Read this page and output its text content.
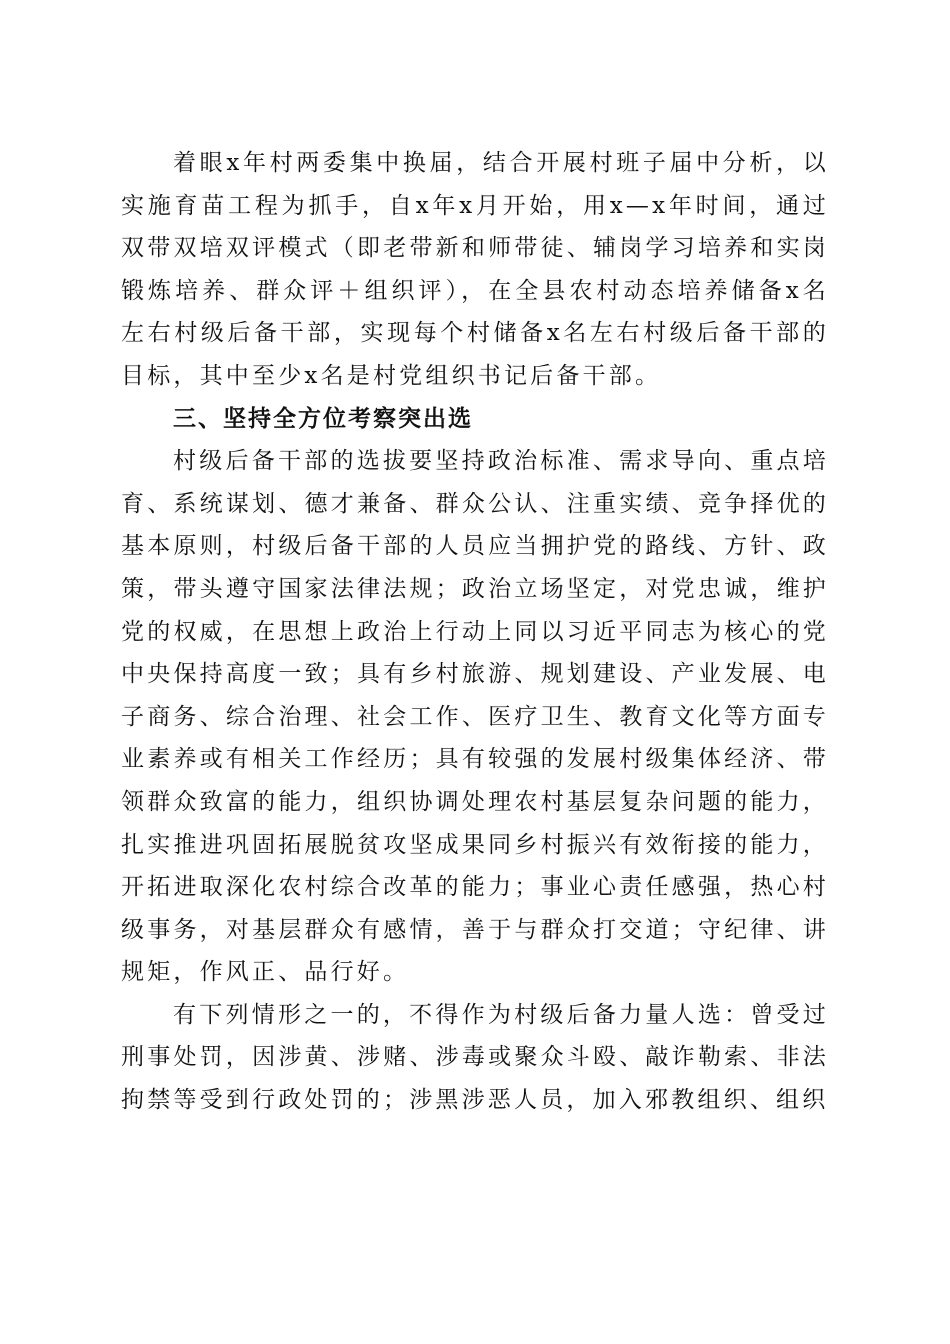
着眼x年村两委集中换届，结合开展村班子届中分析，以实施育苗工程为抓手，自x年x月开始，用x—x年时间，通过双带双培双评模式（即老带新和师带徒、辅岗学习培养和实岗锻炼培养、群众评＋组织评），在全县农村动态培养储备x名左右村级后备干部，实现每个村储备x名左右村级后备干部的目标，其中至少x名是村党组织书记后备干部。

三、坚持全方位考察突出选

村级后备干部的选拔要坚持政治标准、需求导向、重点培育、系统谋划、德才兼备、群众公认、注重实绩、竞争择优的基本原则，村级后备干部的人员应当拥护党的路线、方针、政策，带头遵守国家法律法规；政治立场坚定，对党忠诚，维护党的权威，在思想上政治上行动上同以习近平同志为核心的党中央保持高度一致；具有乡村旅游、规划建设、产业发展、电子商务、综合治理、社会工作、医疗卫生、教育文化等方面专业素养或有相关工作经历；具有较强的发展村级集体经济、带领群众致富的能力，组织协调处理农村基层复杂问题的能力，扎实推进巩固拓展脱贫攻坚成果同乡村振兴有效衔接的能力，开拓进取深化农村综合改革的能力；事业心责任感强，热心村级事务，对基层群众有感情，善于与群众打交道；守纪律、讲规矩，作风正、品行好。

有下列情形之一的，不得作为村级后备力量人选：曾受过刑事处罚，因涉黄、涉赌、涉毒或聚众斗殴、敲诈勒索、非法拘禁等受到行政处罚的；涉黑涉恶人员，加入邪教组织、组织
